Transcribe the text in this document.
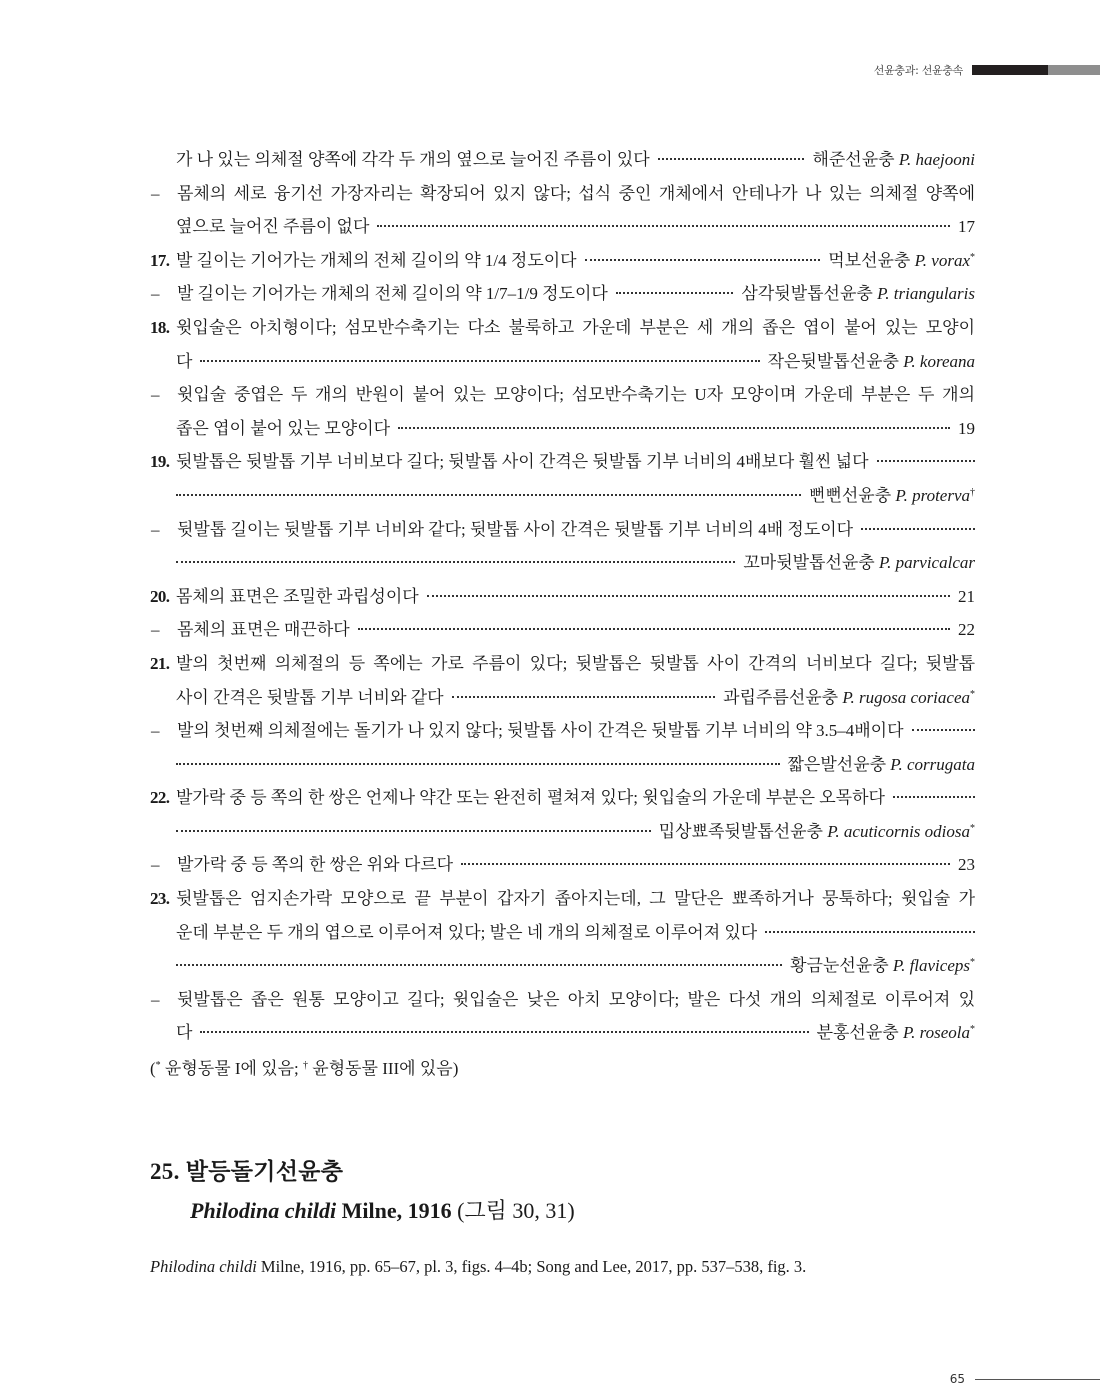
선윤충과: 선윤충속
가 나 있는 의체절 양쪽에 각각 두 개의 옆으로 늘어진 주름이 있다	해준선윤충 P. haejooni
–	몸체의 세로 융기선 가장자리는 확장되어 있지 않다; 섭식 중인 개체에서 안테나가 나 있는 의체절 양쪽에
옆으로 늘어진 주름이 없다	17
17. 발 길이는 기어가는 개체의 전체 길이의 약 1/4 정도이다	먹보선윤충 P. vorax*
–	발 길이는 기어가는 개체의 전체 길이의 약 1/7–1/9 정도이다	삼각뒷발톱선윤충 P. triangularis
18. 윗입술은 아치형이다; 섬모반수축기는 다소 불룩하고 가운데 부분은 세 개의 좁은 엽이 붙어 있는 모양이
다	작은뒷발톱선윤충 P. koreana
–	윗입술 중엽은 두 개의 반원이 붙어 있는 모양이다; 섬모반수축기는 U자 모양이며 가운데 부분은 두 개의
좁은 엽이 붙어 있는 모양이다	19
19. 뒷발톱은 뒷발톱 기부 너비보다 길다; 뒷발톱 사이 간격은 뒷발톱 기부 너비의 4배보다 훨씬 넓다
뻔뻔선윤충 P. proterva†
–	뒷발톱 길이는 뒷발톱 기부 너비와 같다; 뒷발톱 사이 간격은 뒷발톱 기부 너비의 4배 정도이다
꼬마뒷발톱선윤충 P. parvicalcar
20. 몸체의 표면은 조밀한 과립성이다	21
–	몸체의 표면은 매끈하다	22
21. 발의 첫번째 의체절의 등 쪽에는 가로 주름이 있다; 뒷발톱은 뒷발톱 사이 간격의 너비보다 길다; 뒷발톱
사이 간격은 뒷발톱 기부 너비와 같다	과립주름선윤충 P. rugosa coriacea*
–	발의 첫번째 의체절에는 돌기가 나 있지 않다; 뒷발톱 사이 간격은 뒷발톱 기부 너비의 약 3.5–4배이다
짧은발선윤충 P. corrugata
22. 발가락 중 등 쪽의 한 쌍은 언제나 약간 또는 완전히 펼쳐져 있다; 윗입술의 가운데 부분은 오목하다
밉상뾰족뒷발톱선윤충 P. acuticornis odiosa*
–	발가락 중 등 쪽의 한 쌍은 위와 다르다	23
23. 뒷발톱은 엄지손가락 모양으로 끝 부분이 갑자기 좁아지는데, 그 말단은 뾰족하거나 뭉툭하다; 윗입술 가
운데 부분은 두 개의 엽으로 이루어져 있다; 발은 네 개의 의체절로 이루어져 있다
황금눈선윤충 P. flaviceps*
–	뒷발톱은 좁은 원통 모양이고 길다; 윗입술은 낮은 아치 모양이다; 발은 다섯 개의 의체절로 이루어져 있
다	분홍선윤충 P. roseola*
(* 윤형동물 I에 있음; † 윤형동물 III에 있음)
25. 발등돌기선윤충
Philodina childi Milne, 1916 (그림 30, 31)
Philodina childi Milne, 1916, pp. 65–67, pl. 3, figs. 4–4b; Song and Lee, 2017, pp. 537–538, fig. 3.
65
